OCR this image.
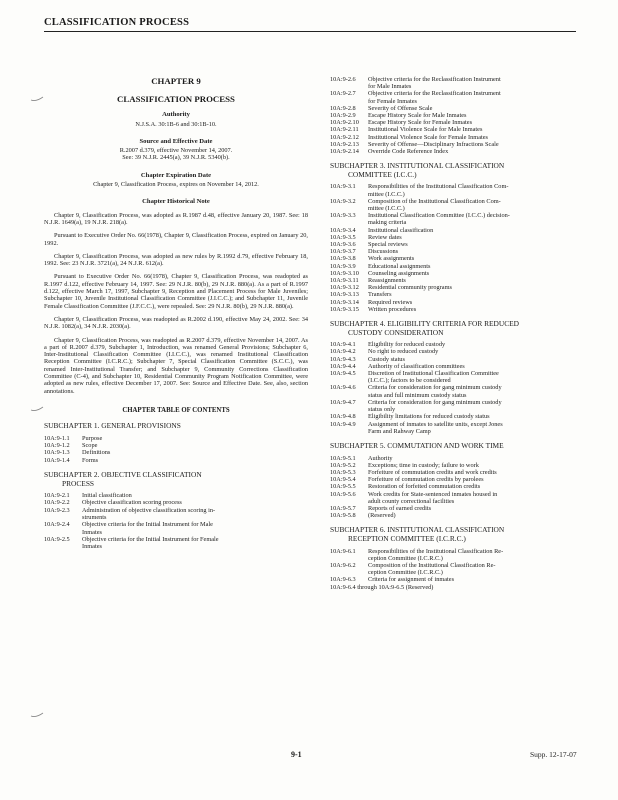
CLASSIFICATION PROCESS
CHAPTER 9
CLASSIFICATION PROCESS
Authority
N.J.S.A. 30:1B-6 and 30:1B-10.
Source and Effective Date
R.2007 d.379, effective November 14, 2007.
See: 39 N.J.R. 2445(a), 39 N.J.R. 5340(b).
Chapter Expiration Date
Chapter 9, Classification Process, expires on November 14, 2012.
Chapter Historical Note

Chapter 9, Classification Process, was adopted as R.1987 d.48, effective January 20, 1987. See: 18 N.J.R. 1649(a), 19 N.J.R. 218(a).

Pursuant to Executive Order No. 66(1978), Chapter 9, Classification Process, expired on January 20, 1992.

Chapter 9, Classification Process, was adopted as new rules by R.1992 d.79, effective February 18, 1992. See: 23 N.J.R. 3721(a), 24 N.J.R. 612(a).

Pursuant to Executive Order No. 66(1978), Chapter 9, Classification Process, was readopted as R.1997 d.122, effective February 14, 1997. See: 29 N.J.R. 80(b), 29 N.J.R. 880(a). As a part of R.1997 d.122, effective March 17, 1997, Subchapter 9, Reception and Placement Process for Male Juveniles; Subchapter 10, Juvenile Institutional Classification Committee (J.I.C.C.); and Subchapter 11, Juvenile Female Classification Committee (J.F.C.C.), were repealed. See: 29 N.J.R. 80(b), 29 N.J.R. 880(a).

Chapter 9, Classification Process, was readopted as R.2002 d.190, effective May 24, 2002. See: 34 N.J.R. 1082(a), 34 N.J.R. 2030(a).

Chapter 9, Classification Process, was readopted as R.2007 d.379, effective November 14, 2007. As a part of R.2007 d.379, Subchapter 1, Introduction, was renamed General Provisions; Subchapter 6, Inter-Institutional Classification Committee (I.I.C.C.), was renamed Institutional Classification Reception Committee (I.C.R.C.); Subchapter 7, Special Classification Committee (S.C.C.), was renamed Inter-Institutional Transfer; and Subchapter 9, Community Corrections Classification Committee (C-4), and Subchapter 10, Residential Community Program Notification Committee, were adopted as new rules, effective December 17, 2007. See: Source and Effective Date. See, also, section annotations.

CHAPTER TABLE OF CONTENTS
SUBCHAPTER 1. GENERAL PROVISIONS
10A:9-1.1	Purpose
10A:9-1.2	Scope
10A:9-1.3	Definitions
10A:9-1.4	Forms
SUBCHAPTER 2. OBJECTIVE CLASSIFICATION
PROCESS
10A:9-2.1	Initial classification
10A:9-2.2	Objective classification scoring process
10A:9-2.3	Administration of objective classification scoring in-
struments
10A:9-2.4	Objective criteria for the Initial Instrument for Male
Inmates
10A:9-2.5	Objective criteria for the Initial Instrument for Female
Inmates
10A:9-2.6	Objective criteria for the Reclassification Instrument
for Male Inmates
10A:9-2.7	Objective criteria for the Reclassification Instrument
for Female Inmates
10A:9-2.8	Severity of Offense Scale
10A:9-2.9	Escape History Scale for Male Inmates
10A:9-2.10	Escape History Scale for Female Inmates
10A:9-2.11	Institutional Violence Scale for Male Inmates
10A:9-2.12	Institutional Violence Scale for Female Inmates
10A:9-2.13	Severity of Offense—Disciplinary Infractions Scale
10A:9-2.14	Override Code Reference Index
SUBCHAPTER 3. INSTITUTIONAL CLASSIFICATION
COMMITTEE (I.C.C.)
10A:9-3.1	Responsibilities of the Institutional Classification Com-
mittee (I.C.C.)
10A:9-3.2	Composition of the Institutional Classification Com-
mittee (I.C.C.)
10A:9-3.3	Institutional Classification Committee (I.C.C.) decision-
making criteria
10A:9-3.4	Institutional classification
10A:9-3.5	Review dates
10A:9-3.6	Special reviews
10A:9-3.7	Discussions
10A:9-3.8	Work assignments
10A:9-3.9	Educational assignments
10A:9-3.10	Counseling assignments
10A:9-3.11	Reassignments
10A:9-3.12	Residential community programs
10A:9-3.13	Transfers
10A:9-3.14	Required reviews
10A:9-3.15	Written procedures
SUBCHAPTER 4. ELIGIBILITY CRITERIA FOR REDUCED
CUSTODY CONSIDERATION
10A:9-4.1	Eligibility for reduced custody
10A:9-4.2	No right to reduced custody
10A:9-4.3	Custody status
10A:9-4.4	Authority of classification committees
10A:9-4.5	Discretion of Institutional Classification Committee
(I.C.C.); factors to be considered
10A:9-4.6	Criteria for consideration for gang minimum custody
status and full minimum custody status
10A:9-4.7	Criteria for consideration for gang minimum custody
status only
10A:9-4.8	Eligibility limitations for reduced custody status
10A:9-4.9	Assignment of inmates to satellite units, except Jones
Farm and Rahway Camp
SUBCHAPTER 5. COMMUTATION AND WORK TIME
10A:9-5.1	Authority
10A:9-5.2	Exceptions; time in custody; failure to work
10A:9-5.3	Forfeiture of commutation credits and work credits
10A:9-5.4	Forfeiture of commutation credits by parolees
10A:9-5.5	Restoration of forfeited commutation credits
10A:9-5.6	Work credits for State-sentenced inmates housed in
adult county correctional facilities
10A:9-5.7	Reports of earned credits
10A:9-5.8	(Reserved)
SUBCHAPTER 6. INSTITUTIONAL CLASSIFICATION
RECEPTION COMMITTEE (I.C.R.C.)
10A:9-6.1	Responsibilities of the Institutional Classification Re-
ception Committee (I.C.R.C.)
10A:9-6.2	Composition of the Institutional Classification Re-
ception Committee (I.C.R.C.)
10A:9-6.3	Criteria for assignment of inmates
10A:9-6.4 through 10A:9-6.5 (Reserved)
9-1	Supp. 12-17-07
